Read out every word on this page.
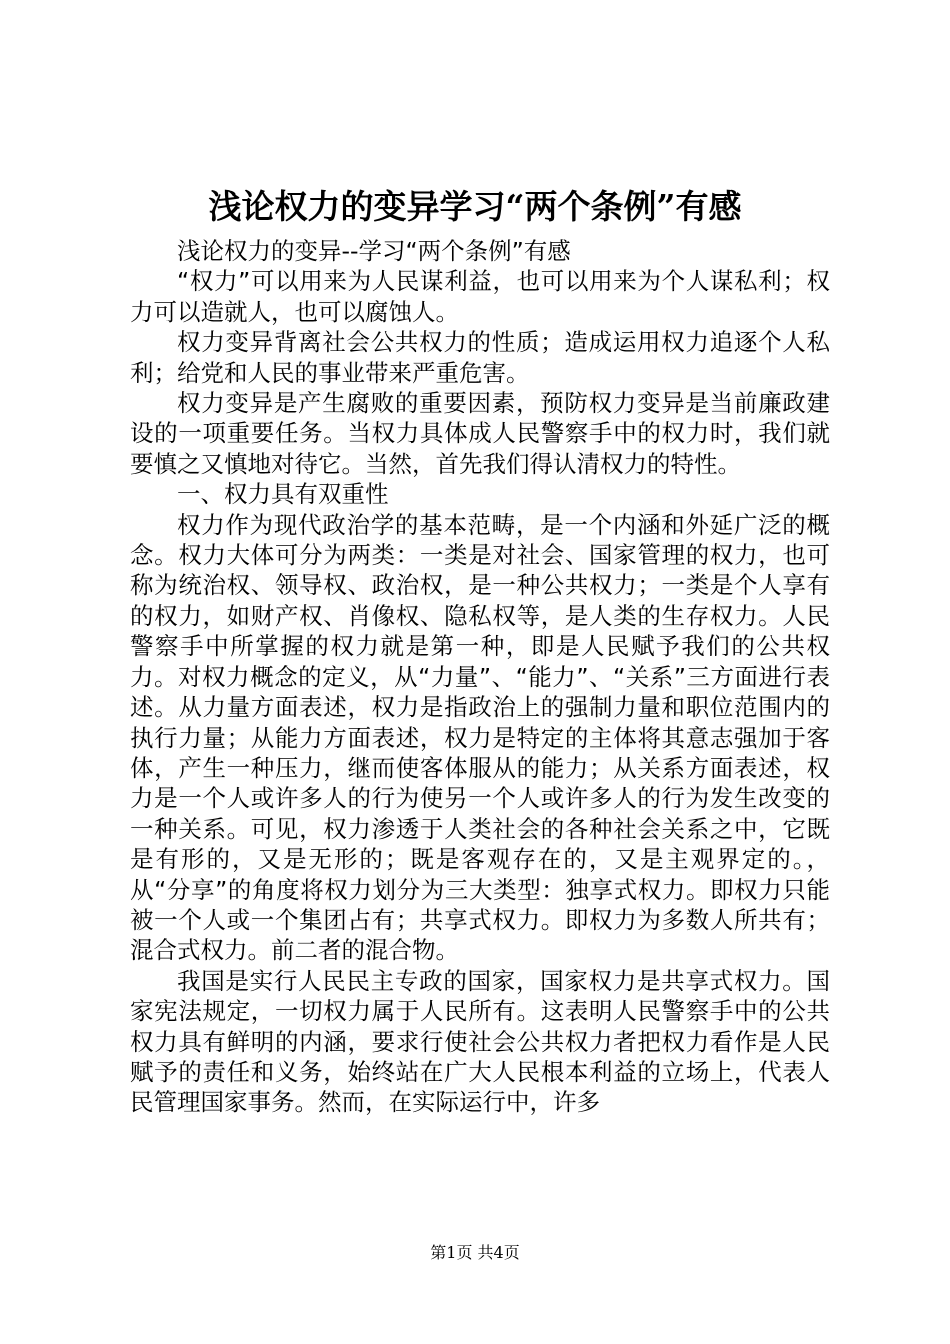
浅论权力的变异学习“两个条例”有感

浅论权力的变异--学习“两个条例”有感

“权力”可以用来为人民谋利益，也可以用来为个人谋私利；权力可以造就人，也可以腐蚀人。

权力变异背离社会公共权力的性质；造成运用权力追逐个人私利；给党和人民的事业带来严重危害。

权力变异是产生腐败的重要因素，预防权力变异是当前廉政建设的一项重要任务。当权力具体成人民警察手中的权力时，我们就要慎之又慎地对待它。当然，首先我们得认清权力的特性。

一、权力具有双重性

权力作为现代政治学的基本范畴，是一个内涵和外延广泛的概念。权力大体可分为两类：一类是对社会、国家管理的权力，也可称为统治权、领导权、政治权，是一种公共权力；一类是个人享有的权力，如财产权、肖像权、隐私权等，是人类的生存权力。人民警察手中所掌握的权力就是第一种，即是人民赋予我们的公共权力。对权力概念的定义，从“力量”、“能力”、“关系”三方面进行表述。从力量方面表述，权力是指政治上的强制力量和职位范围内的执行力量；从能力方面表述，权力是特定的主体将其意志强加于客体，产生一种压力，继而使客体服从的能力；从关系方面表述，权力是一个人或许多人的行为使另一个人或许多人的行为发生改变的一种关系。可见，权力渗透于人类社会的各种社会关系之中，它既是有形的，又是无形的；既是客观存在的，又是主观界定的。，从“分享”的角度将权力划分为三大类型：独享式权力。即权力只能被一个人或一个集团占有；共享式权力。即权力为多数人所共有；混合式权力。前二者的混合物。

我国是实行人民民主专政的国家，国家权力是共享式权力。国家宪法规定，一切权力属于人民所有。这表明人民警察手中的公共权力具有鲜明的内涵，要求行使社会公共权力者把权力看作是人民赋予的责任和义务，始终站在广大人民根本利益的立场上，代表人民管理国家事务。然而，在实际运行中，许多

第1页 共4页
